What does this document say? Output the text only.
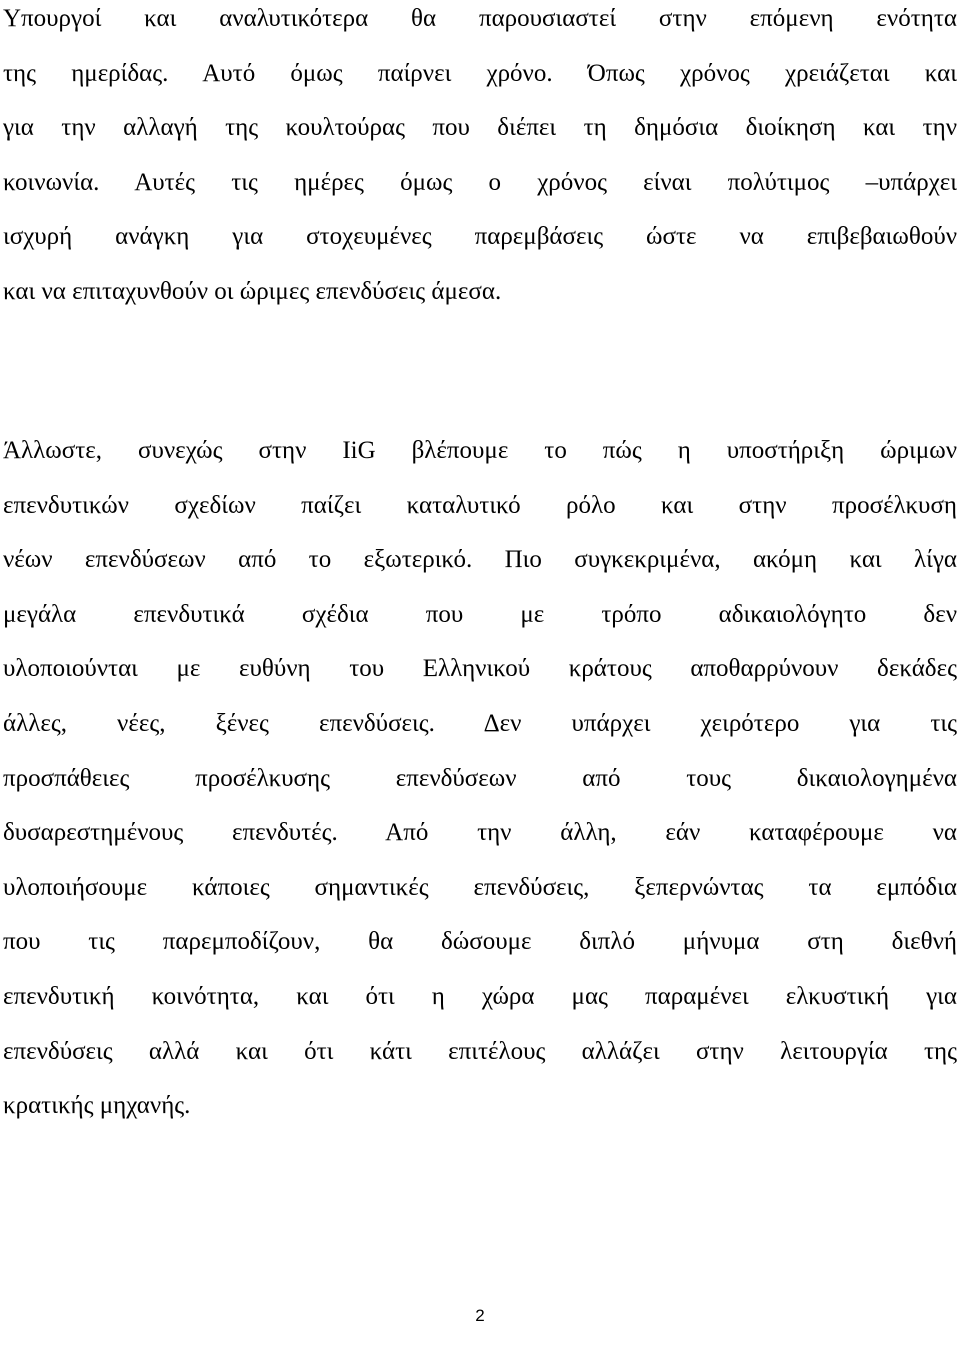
Υπουργοί και αναλυτικότερα θα παρουσιαστεί στην επόμενη ενότητα
της ημερίδας. Αυτό όμως παίρνει χρόνο. Όπως χρόνος χρειάζεται και
για την αλλαγή της κουλτούρας που διέπει τη δημόσια διοίκηση και την
κοινωνία. Αυτές τις ημέρες όμως ο χρόνος είναι πολύτιμος –υπάρχει
ισχυρή ανάγκη για στοχευμένες παρεμβάσεις ώστε να επιβεβαιωθούν
και να επιταχυνθούν οι ώριμες επενδύσεις άμεσα.
Άλλωστε, συνεχώς στην IiG βλέπουμε το πώς η υποστήριξη ώριμων
επενδυτικών σχεδίων παίζει καταλυτικό ρόλο και στην προσέλκυση
νέων επενδύσεων από το εξωτερικό. Πιο συγκεκριμένα, ακόμη και λίγα
μεγάλα επενδυτικά σχέδια που με τρόπο αδικαιολόγητο δεν
υλοποιούνται με ευθύνη του Ελληνικού κράτους αποθαρρύνουν δεκάδες
άλλες, νέες, ξένες επενδύσεις. Δεν υπάρχει χειρότερο για τις
προσπάθειες προσέλκυσης επενδύσεων από τους δικαιολογημένα
δυσαρεστημένους επενδυτές. Από την άλλη, εάν καταφέρουμε να
υλοποιήσουμε κάποιες σημαντικές επενδύσεις, ξεπερνώντας τα εμπόδια
που τις παρεμποδίζουν, θα δώσουμε διπλό μήνυμα στη διεθνή
επενδυτική κοινότητα, και ότι η χώρα μας παραμένει ελκυστική για
επενδύσεις αλλά και ότι κάτι επιτέλους αλλάζει στην λειτουργία της
κρατικής μηχανής.
2
